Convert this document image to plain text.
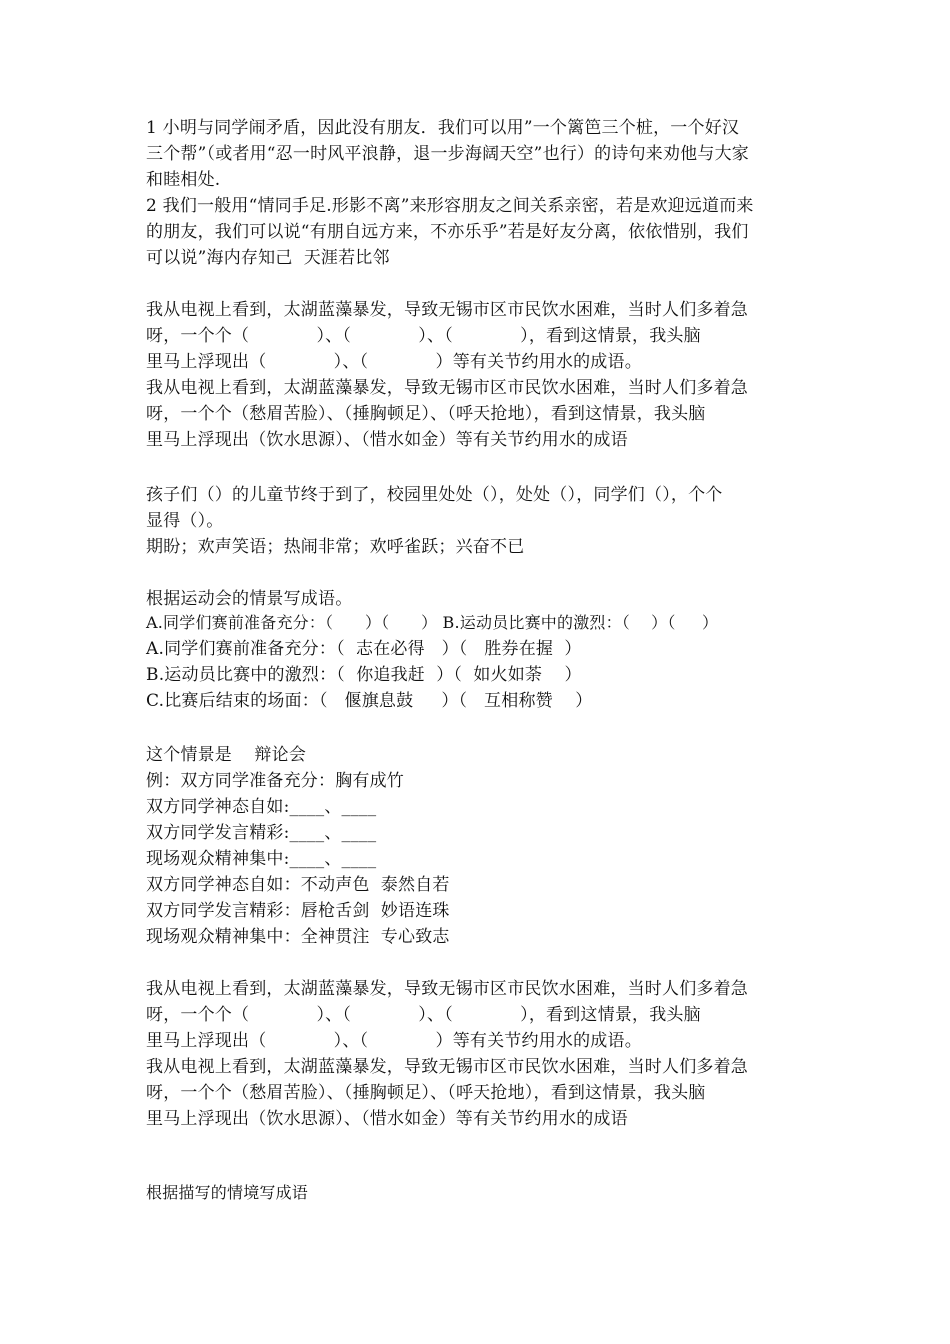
1 小明与同学闹矛盾，因此没有朋友．我们可以用”一个篱笆三个桩，一个好汉
三个帮”（或者用“忍一时风平浪静，退一步海阔天空”也行）的诗句来劝他与大家
和睦相处.
2 我们一般用“情同手足.形影不离”来形容朋友之间关系亲密，若是欢迎远道而来
的朋友，我们可以说“有朋自远方来，不亦乐乎”若是好友分离，依依惜别，我们
可以说”海内存知己  天涯若比邻
我从电视上看到，太湖蓝藻暴发，导致无锡市区市民饮水困难，当时人们多着急
呀，一个个（            ）、（            ）、（            ），看到这情景，我头脑
里马上浮现出（            ）、（            ）等有关节约用水的成语。
我从电视上看到，太湖蓝藻暴发，导致无锡市区市民饮水困难，当时人们多着急
呀，一个个（愁眉苦脸）、（捶胸顿足）、（呼天抢地），看到这情景，我头脑
里马上浮现出（饮水思源）、（惜水如金）等有关节约用水的成语
孩子们（）的儿童节终于到了，校园里处处（），处处（），同学们（），个个
显得（）。
期盼；欢声笑语；热闹非常；欢呼雀跃；兴奋不已
根据运动会的情景写成语。
A.同学们赛前准备充分：（      ）（      ） B.运动员比赛中的激烈：（    ）（     ）
A.同学们赛前准备充分：（  志在必得   ）（   胜券在握  ）
B.运动员比赛中的激烈：（  你追我赶  ）（  如火如荼    ）
C.比赛后结束的场面：（   偃旗息鼓     ）（   互相称赞    ）
这个情景是    辩论会
例：双方同学准备充分：胸有成竹
双方同学神态自如:____、____
双方同学发言精彩:____、____
现场观众精神集中:____、____
双方同学神态自如：不动声色  泰然自若
双方同学发言精彩：唇枪舌剑  妙语连珠
现场观众精神集中：全神贯注  专心致志
我从电视上看到，太湖蓝藻暴发，导致无锡市区市民饮水困难，当时人们多着急
呀，一个个（            ）、（            ）、（            ），看到这情景，我头脑
里马上浮现出（            ）、（            ）等有关节约用水的成语。
我从电视上看到，太湖蓝藻暴发，导致无锡市区市民饮水困难，当时人们多着急
呀，一个个（愁眉苦脸）、（捶胸顿足）、（呼天抢地），看到这情景，我头脑
里马上浮现出（饮水思源）、（惜水如金）等有关节约用水的成语
根据描写的情境写成语
